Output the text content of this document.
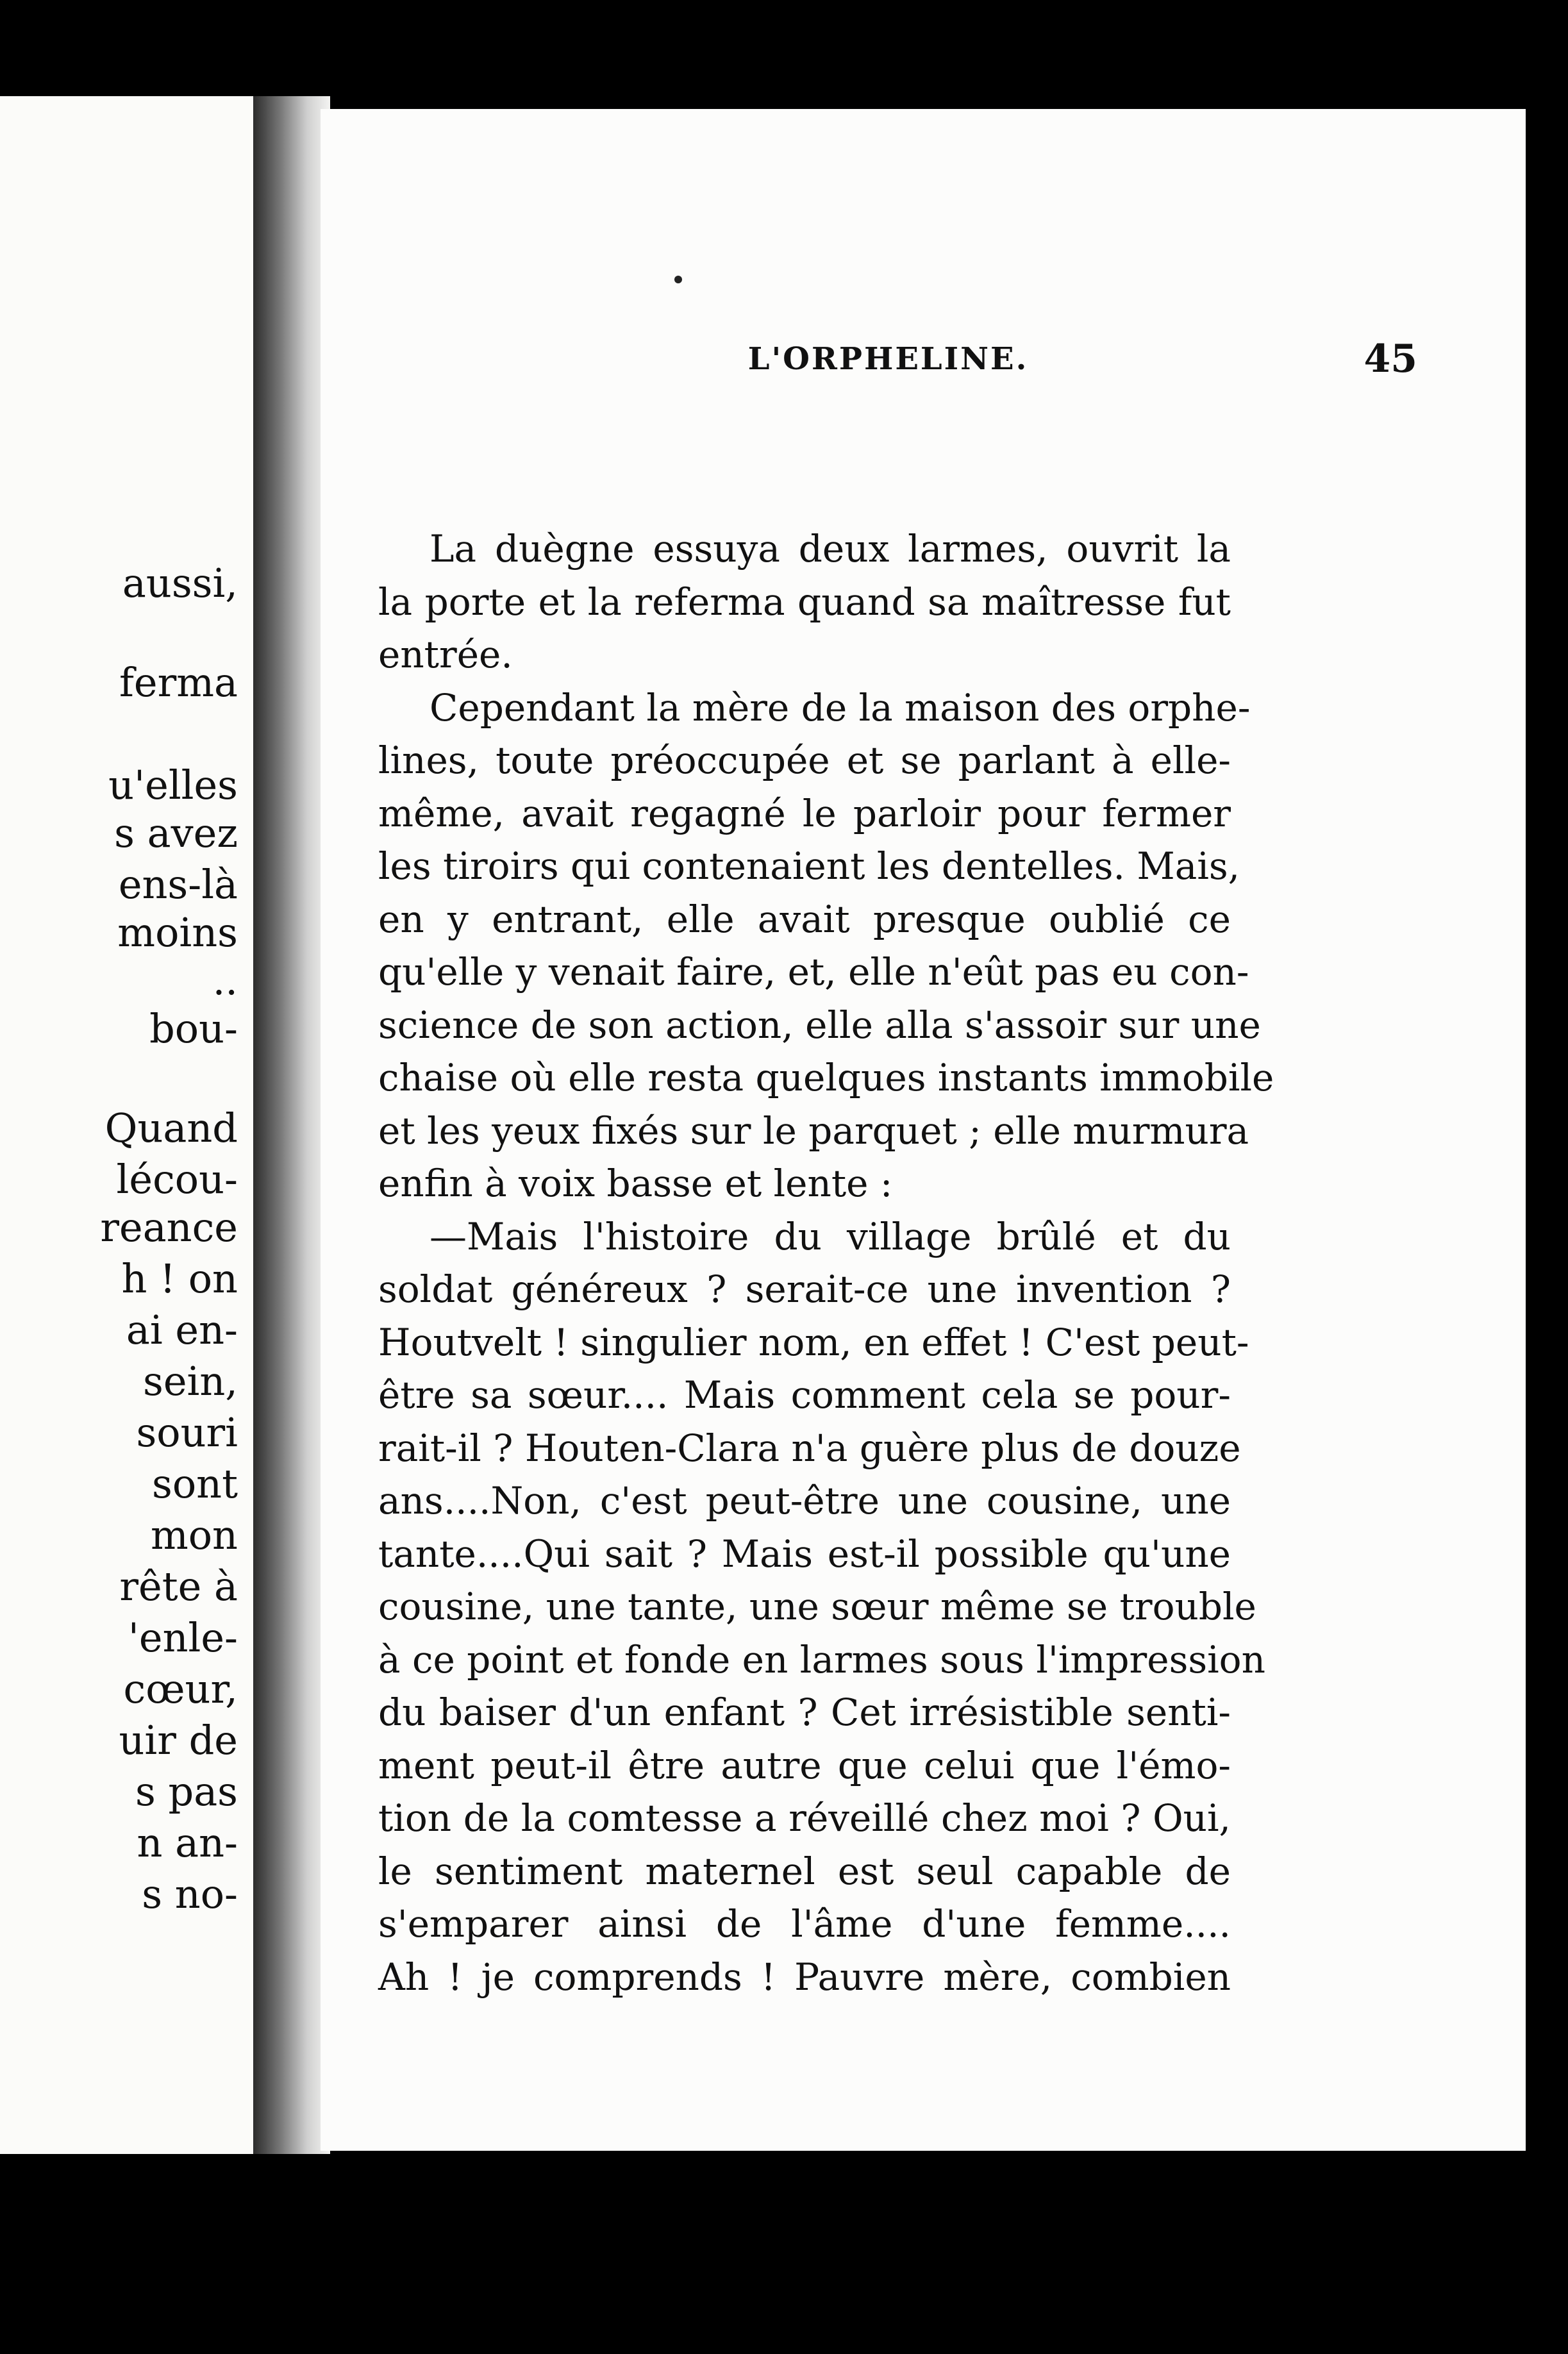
aussi,
ferma
u'elles
s avez
ens-là
moins
..
bou-
Quand
lécou-
reance
h ! on
ai en-
sein,
souri
sont
mon
rête à
'enle-
cœur,
uir de
s pas
n an-
s no-
L'ORPHELINE.	45
La duègne essuya deux larmes, ouvrit la
la porte et la referma quand sa maîtresse fut
entrée.
Cependant la mère de la maison des orphe-
lines, toute préoccupée et se parlant à elle-
même, avait regagné le parloir pour fermer
les tiroirs qui contenaient les dentelles. Mais,
en y entrant, elle avait presque oublié ce
qu'elle y venait faire, et, elle n'eût pas eu con-
science de son action, elle alla s'assoir sur une
chaise où elle resta quelques instants immobile
et les yeux fixés sur le parquet ; elle murmura
enfin à voix basse et lente :
—Mais l'histoire du village brûlé et du
soldat généreux ? serait-ce une invention ?
Houtvelt ! singulier nom, en effet ! C'est peut-
être sa sœur.... Mais comment cela se pour-
rait-il ? Houten-Clara n'a guère plus de douze
ans....Non, c'est peut-être une cousine, une
tante....Qui sait ? Mais est-il possible qu'une
cousine, une tante, une sœur même se trouble
à ce point et fonde en larmes sous l'impression
du baiser d'un enfant ? Cet irrésistible senti-
ment peut-il être autre que celui que l'émo-
tion de la comtesse a réveillé chez moi ? Oui,
le sentiment maternel est seul capable de
s'emparer ainsi de l'âme d'une femme....
Ah ! je comprends ! Pauvre mère, combien
